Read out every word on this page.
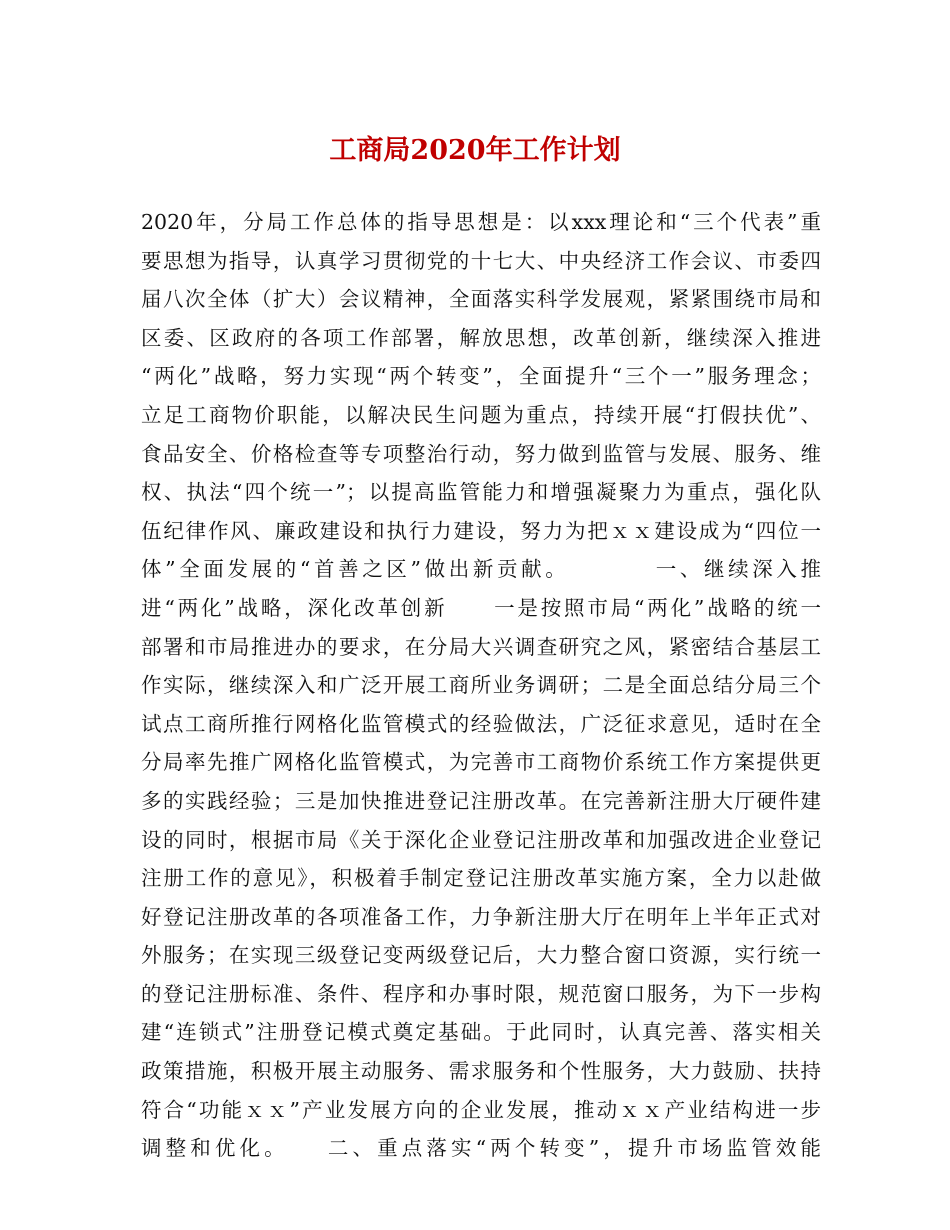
工商局2020年工作计划
2020年，分局工作总体的指导思想是：以xxx理论和“三个代表”重
要思想为指导，认真学习贯彻党的十七大、中央经济工作会议、市委四
届八次全体（扩大）会议精神，全面落实科学发展观，紧紧围绕市局和
区委、区政府的各项工作部署，解放思想，改革创新，继续深入推进
“两化”战略，努力实现“两个转变”，全面提升“三个一”服务理念；
立足工商物价职能，以解决民生问题为重点，持续开展“打假扶优”、
食品安全、价格检查等专项整治行动，努力做到监管与发展、服务、维
权、执法“四个统一”；以提高监管能力和增强凝聚力为重点，强化队
伍纪律作风、廉政建设和执行力建设，努力为把ｘｘ建设成为“四位一
体”全面发展的“首善之区”做出新贡献。　　　　一、继续深入推
进“两化”战略，深化改革创新　　一是按照市局“两化”战略的统一
部署和市局推进办的要求，在分局大兴调查研究之风，紧密结合基层工
作实际，继续深入和广泛开展工商所业务调研；二是全面总结分局三个
试点工商所推行网格化监管模式的经验做法，广泛征求意见，适时在全
分局率先推广网格化监管模式，为完善市工商物价系统工作方案提供更
多的实践经验；三是加快推进登记注册改革。在完善新注册大厅硬件建
设的同时，根据市局《关于深化企业登记注册改革和加强改进企业登记
注册工作的意见》，积极着手制定登记注册改革实施方案，全力以赴做
好登记注册改革的各项准备工作，力争新注册大厅在明年上半年正式对
外服务；在实现三级登记变两级登记后，大力整合窗口资源，实行统一
的登记注册标准、条件、程序和办事时限，规范窗口服务，为下一步构
建“连锁式”注册登记模式奠定基础。于此同时，认真完善、落实相关
政策措施，积极开展主动服务、需求服务和个性服务，大力鼓励、扶持
符合“功能ｘｘ”产业发展方向的企业发展，推动ｘｘ产业结构进一步
调整和优化。　　二、重点落实“两个转变”，提升市场监管效能
